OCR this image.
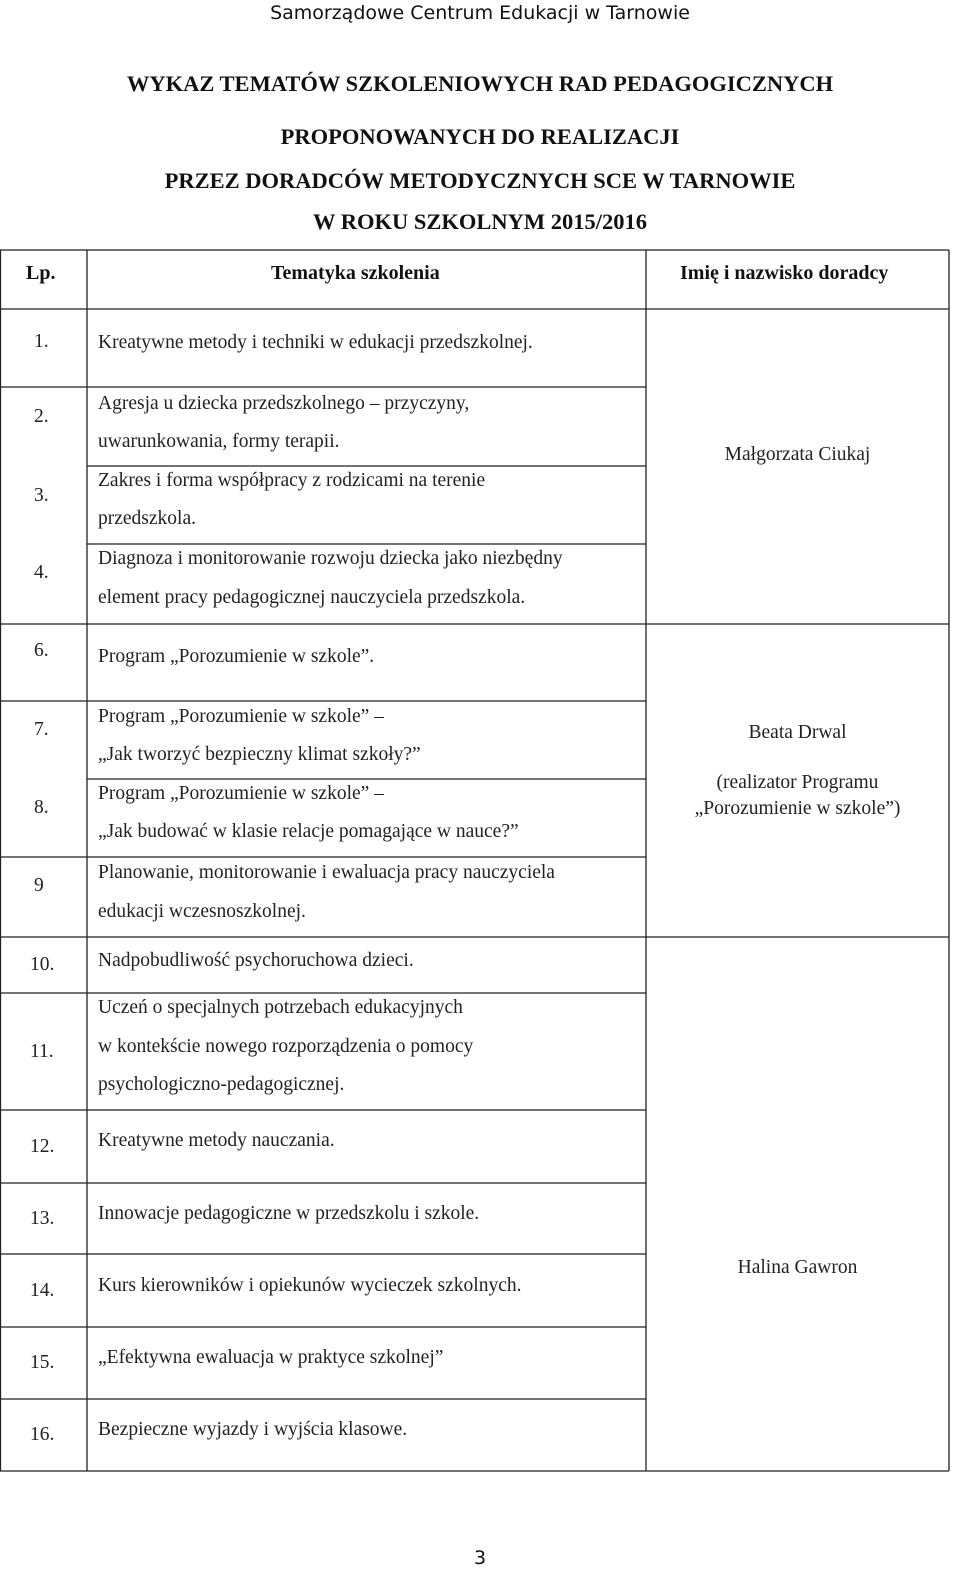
Samorządowe Centrum Edukacji w Tarnowie
WYKAZ TEMATÓW SZKOLENIOWYCH RAD PEDAGOGICZNYCH
PROPONOWANYCH DO REALIZACJI
PRZEZ DORADCÓW METODYCZNYCH SCE W TARNOWIE
W ROKU SZKOLNYM 2015/2016
Lp.	Tematyka szkolenia	Imię i nazwisko doradcy
1.
2.
3.
4.
6.
7.
8.
9
10.
11.
12.
13.
14.
15.
16.
Kreatywne metody i techniki w edukacji przedszkolnej.
Agresja u dziecka przedszkolnego – przyczyny,
uwarunkowania, formy terapii.
Zakres i forma współpracy z rodzicami na terenie
przedszkola.
Diagnoza i monitorowanie rozwoju dziecka jako niezbędny
element pracy pedagogicznej nauczyciela przedszkola.
Program „Porozumienie w szkole”.
Program „Porozumienie w szkole” –
„Jak tworzyć bezpieczny klimat szkoły?”
Program „Porozumienie w szkole” –
„Jak budować w klasie relacje pomagające w nauce?”
Planowanie, monitorowanie i ewaluacja pracy nauczyciela
edukacji wczesnoszkolnej.
Nadpobudliwość psychoruchowa dzieci.
Uczeń o specjalnych potrzebach edukacyjnych
w kontekście nowego rozporządzenia o pomocy
psychologiczno-pedagogicznej.
Kreatywne metody nauczania.
Innowacje pedagogiczne w przedszkolu i szkole.
Kurs kierowników i opiekunów wycieczek szkolnych.
„Efektywna ewaluacja w praktyce szkolnej”
Bezpieczne wyjazdy i wyjścia klasowe.
Małgorzata Ciukaj
Beata Drwal
(realizator Programu
„Porozumienie w szkole”)
Halina Gawron
3
